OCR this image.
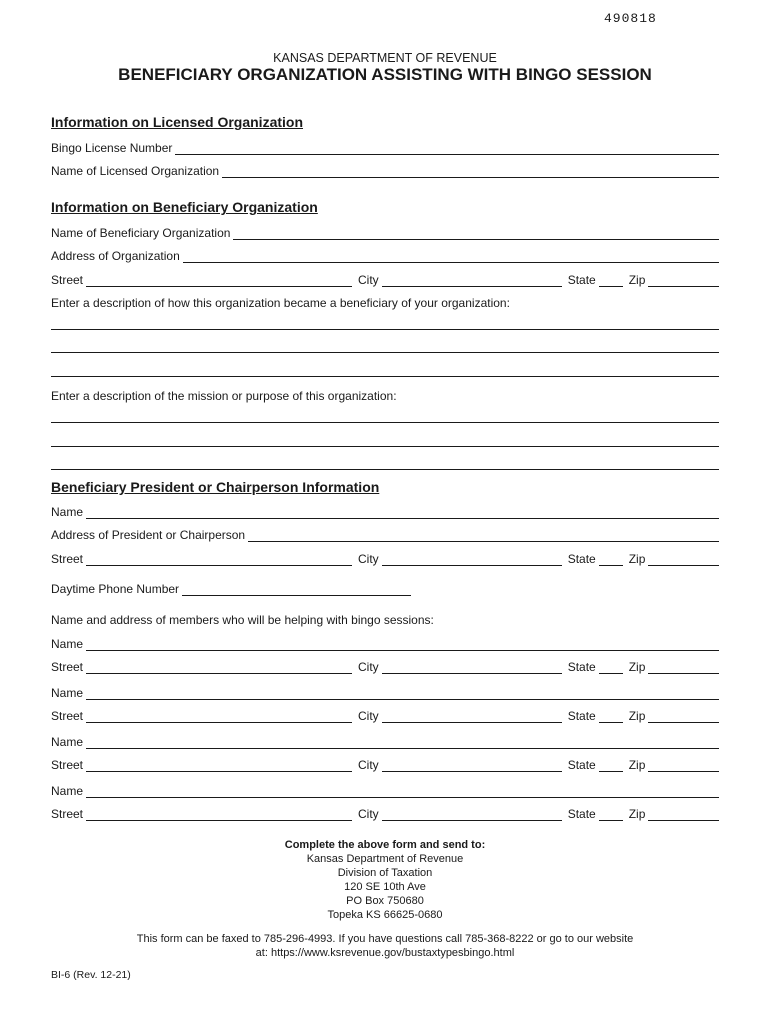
490818
KANSAS DEPARTMENT OF REVENUE
BENEFICIARY ORGANIZATION ASSISTING WITH BINGO SESSION
Information on Licensed Organization
Bingo License Number
Name of Licensed Organization
Information on Beneficiary Organization
Name of Beneficiary Organization
Address of Organization
Street	City	State	Zip
Enter a description of how this organization became a beneficiary of your organization:
Enter a description of the mission or purpose of this organization:
Beneficiary President or Chairperson Information
Name
Address of President or Chairperson
Street	City	State	Zip
Daytime Phone Number
Name and address of members who will be helping with bingo sessions:
Name
Street	City	State	Zip
Name
Street	City	State	Zip
Name
Street	City	State	Zip
Name
Street	City	State	Zip
Complete the above form and send to:
Kansas Department of Revenue
Division of Taxation
120 SE 10th Ave
PO Box 750680
Topeka KS 66625-0680
This form can be faxed to 785-296-4993. If you have questions call 785-368-8222 or go to our website
at: https://www.ksrevenue.gov/bustaxtypesbingo.html
BI-6 (Rev. 12-21)
